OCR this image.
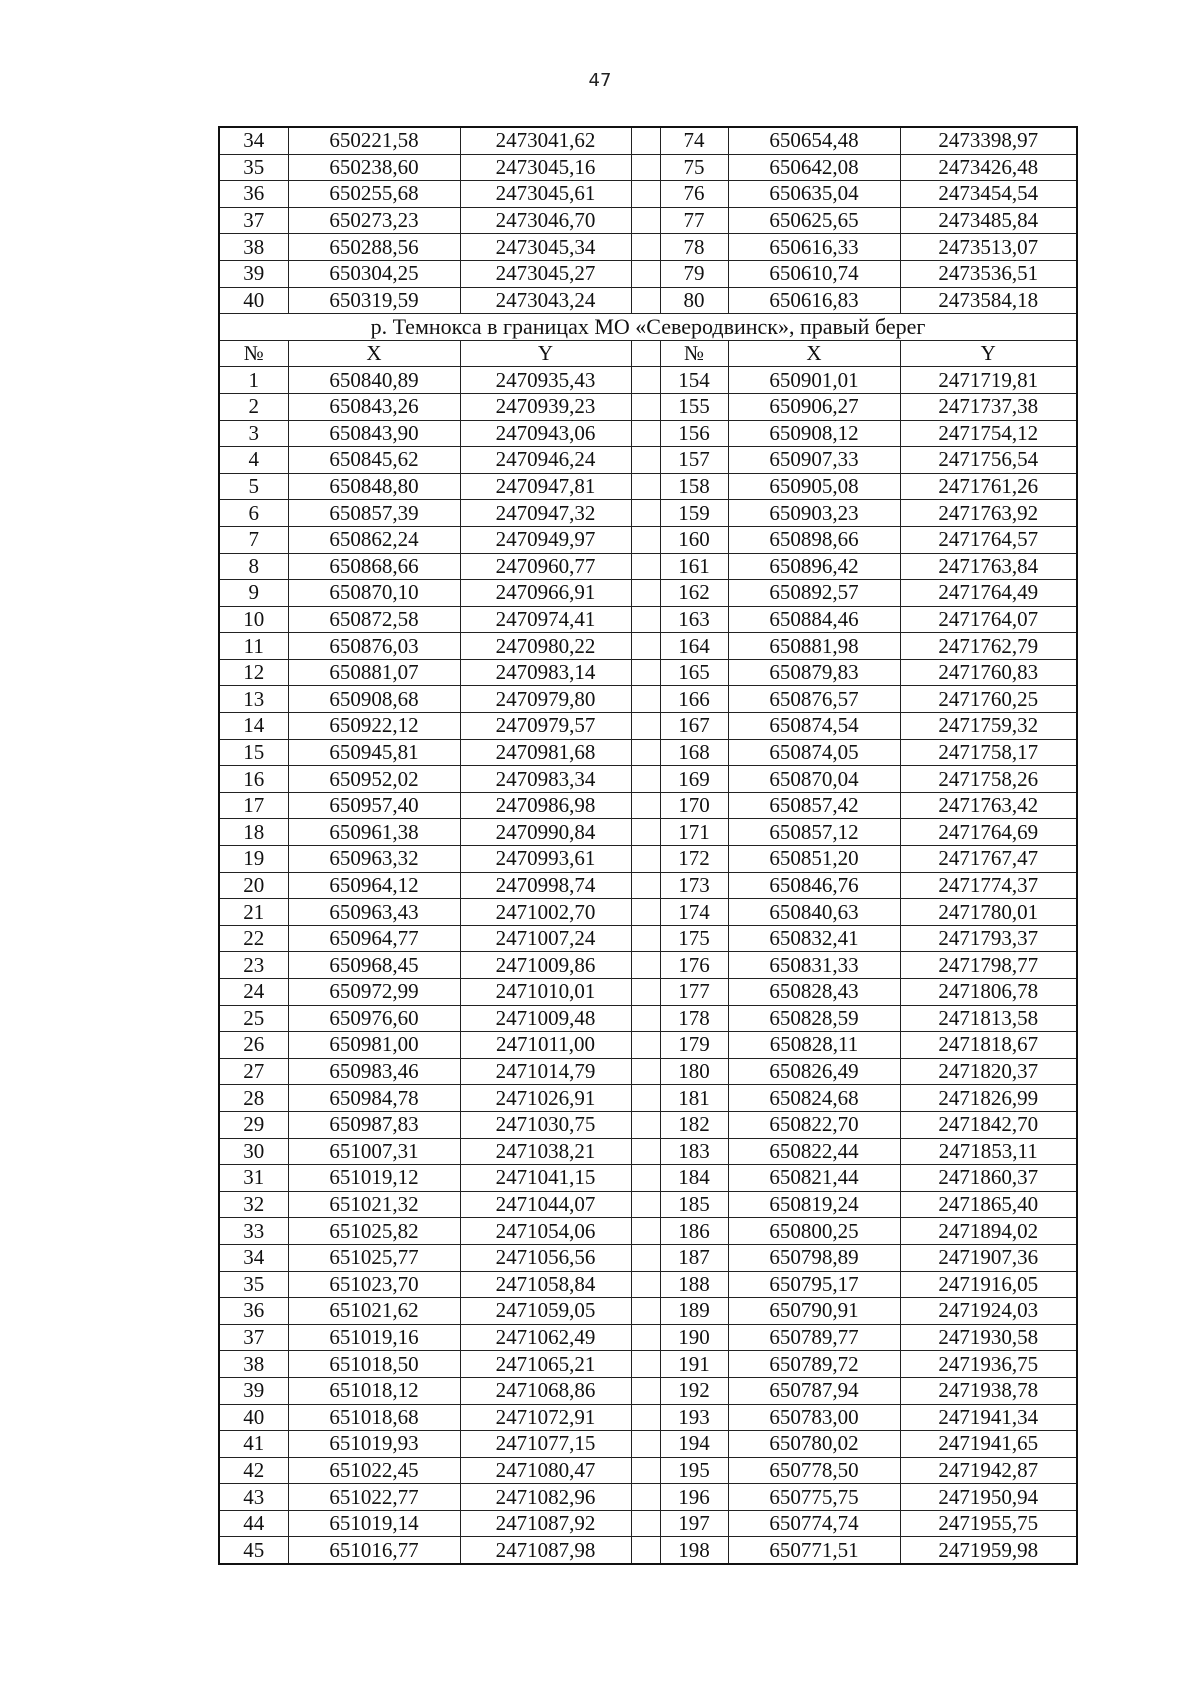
47
34	650221,58	2473041,62		74	650654,48	2473398,97
35	650238,60	2473045,16		75	650642,08	2473426,48
36	650255,68	2473045,61		76	650635,04	2473454,54
37	650273,23	2473046,70		77	650625,65	2473485,84
38	650288,56	2473045,34		78	650616,33	2473513,07
39	650304,25	2473045,27		79	650610,74	2473536,51
40	650319,59	2473043,24		80	650616,83	2473584,18
р. Темнокса в границах МО «Северодвинск», правый берег						
№	X	Y		№	X	Y
1	650840,89	2470935,43		154	650901,01	2471719,81
2	650843,26	2470939,23		155	650906,27	2471737,38
3	650843,90	2470943,06		156	650908,12	2471754,12
4	650845,62	2470946,24		157	650907,33	2471756,54
5	650848,80	2470947,81		158	650905,08	2471761,26
6	650857,39	2470947,32		159	650903,23	2471763,92
7	650862,24	2470949,97		160	650898,66	2471764,57
8	650868,66	2470960,77		161	650896,42	2471763,84
9	650870,10	2470966,91		162	650892,57	2471764,49
10	650872,58	2470974,41		163	650884,46	2471764,07
11	650876,03	2470980,22		164	650881,98	2471762,79
12	650881,07	2470983,14		165	650879,83	2471760,83
13	650908,68	2470979,80		166	650876,57	2471760,25
14	650922,12	2470979,57		167	650874,54	2471759,32
15	650945,81	2470981,68		168	650874,05	2471758,17
16	650952,02	2470983,34		169	650870,04	2471758,26
17	650957,40	2470986,98		170	650857,42	2471763,42
18	650961,38	2470990,84		171	650857,12	2471764,69
19	650963,32	2470993,61		172	650851,20	2471767,47
20	650964,12	2470998,74		173	650846,76	2471774,37
21	650963,43	2471002,70		174	650840,63	2471780,01
22	650964,77	2471007,24		175	650832,41	2471793,37
23	650968,45	2471009,86		176	650831,33	2471798,77
24	650972,99	2471010,01		177	650828,43	2471806,78
25	650976,60	2471009,48		178	650828,59	2471813,58
26	650981,00	2471011,00		179	650828,11	2471818,67
27	650983,46	2471014,79		180	650826,49	2471820,37
28	650984,78	2471026,91		181	650824,68	2471826,99
29	650987,83	2471030,75		182	650822,70	2471842,70
30	651007,31	2471038,21		183	650822,44	2471853,11
31	651019,12	2471041,15		184	650821,44	2471860,37
32	651021,32	2471044,07		185	650819,24	2471865,40
33	651025,82	2471054,06		186	650800,25	2471894,02
34	651025,77	2471056,56		187	650798,89	2471907,36
35	651023,70	2471058,84		188	650795,17	2471916,05
36	651021,62	2471059,05		189	650790,91	2471924,03
37	651019,16	2471062,49		190	650789,77	2471930,58
38	651018,50	2471065,21		191	650789,72	2471936,75
39	651018,12	2471068,86		192	650787,94	2471938,78
40	651018,68	2471072,91		193	650783,00	2471941,34
41	651019,93	2471077,15		194	650780,02	2471941,65
42	651022,45	2471080,47		195	650778,50	2471942,87
43	651022,77	2471082,96		196	650775,75	2471950,94
44	651019,14	2471087,92		197	650774,74	2471955,75
45	651016,77	2471087,98		198	650771,51	2471959,98
